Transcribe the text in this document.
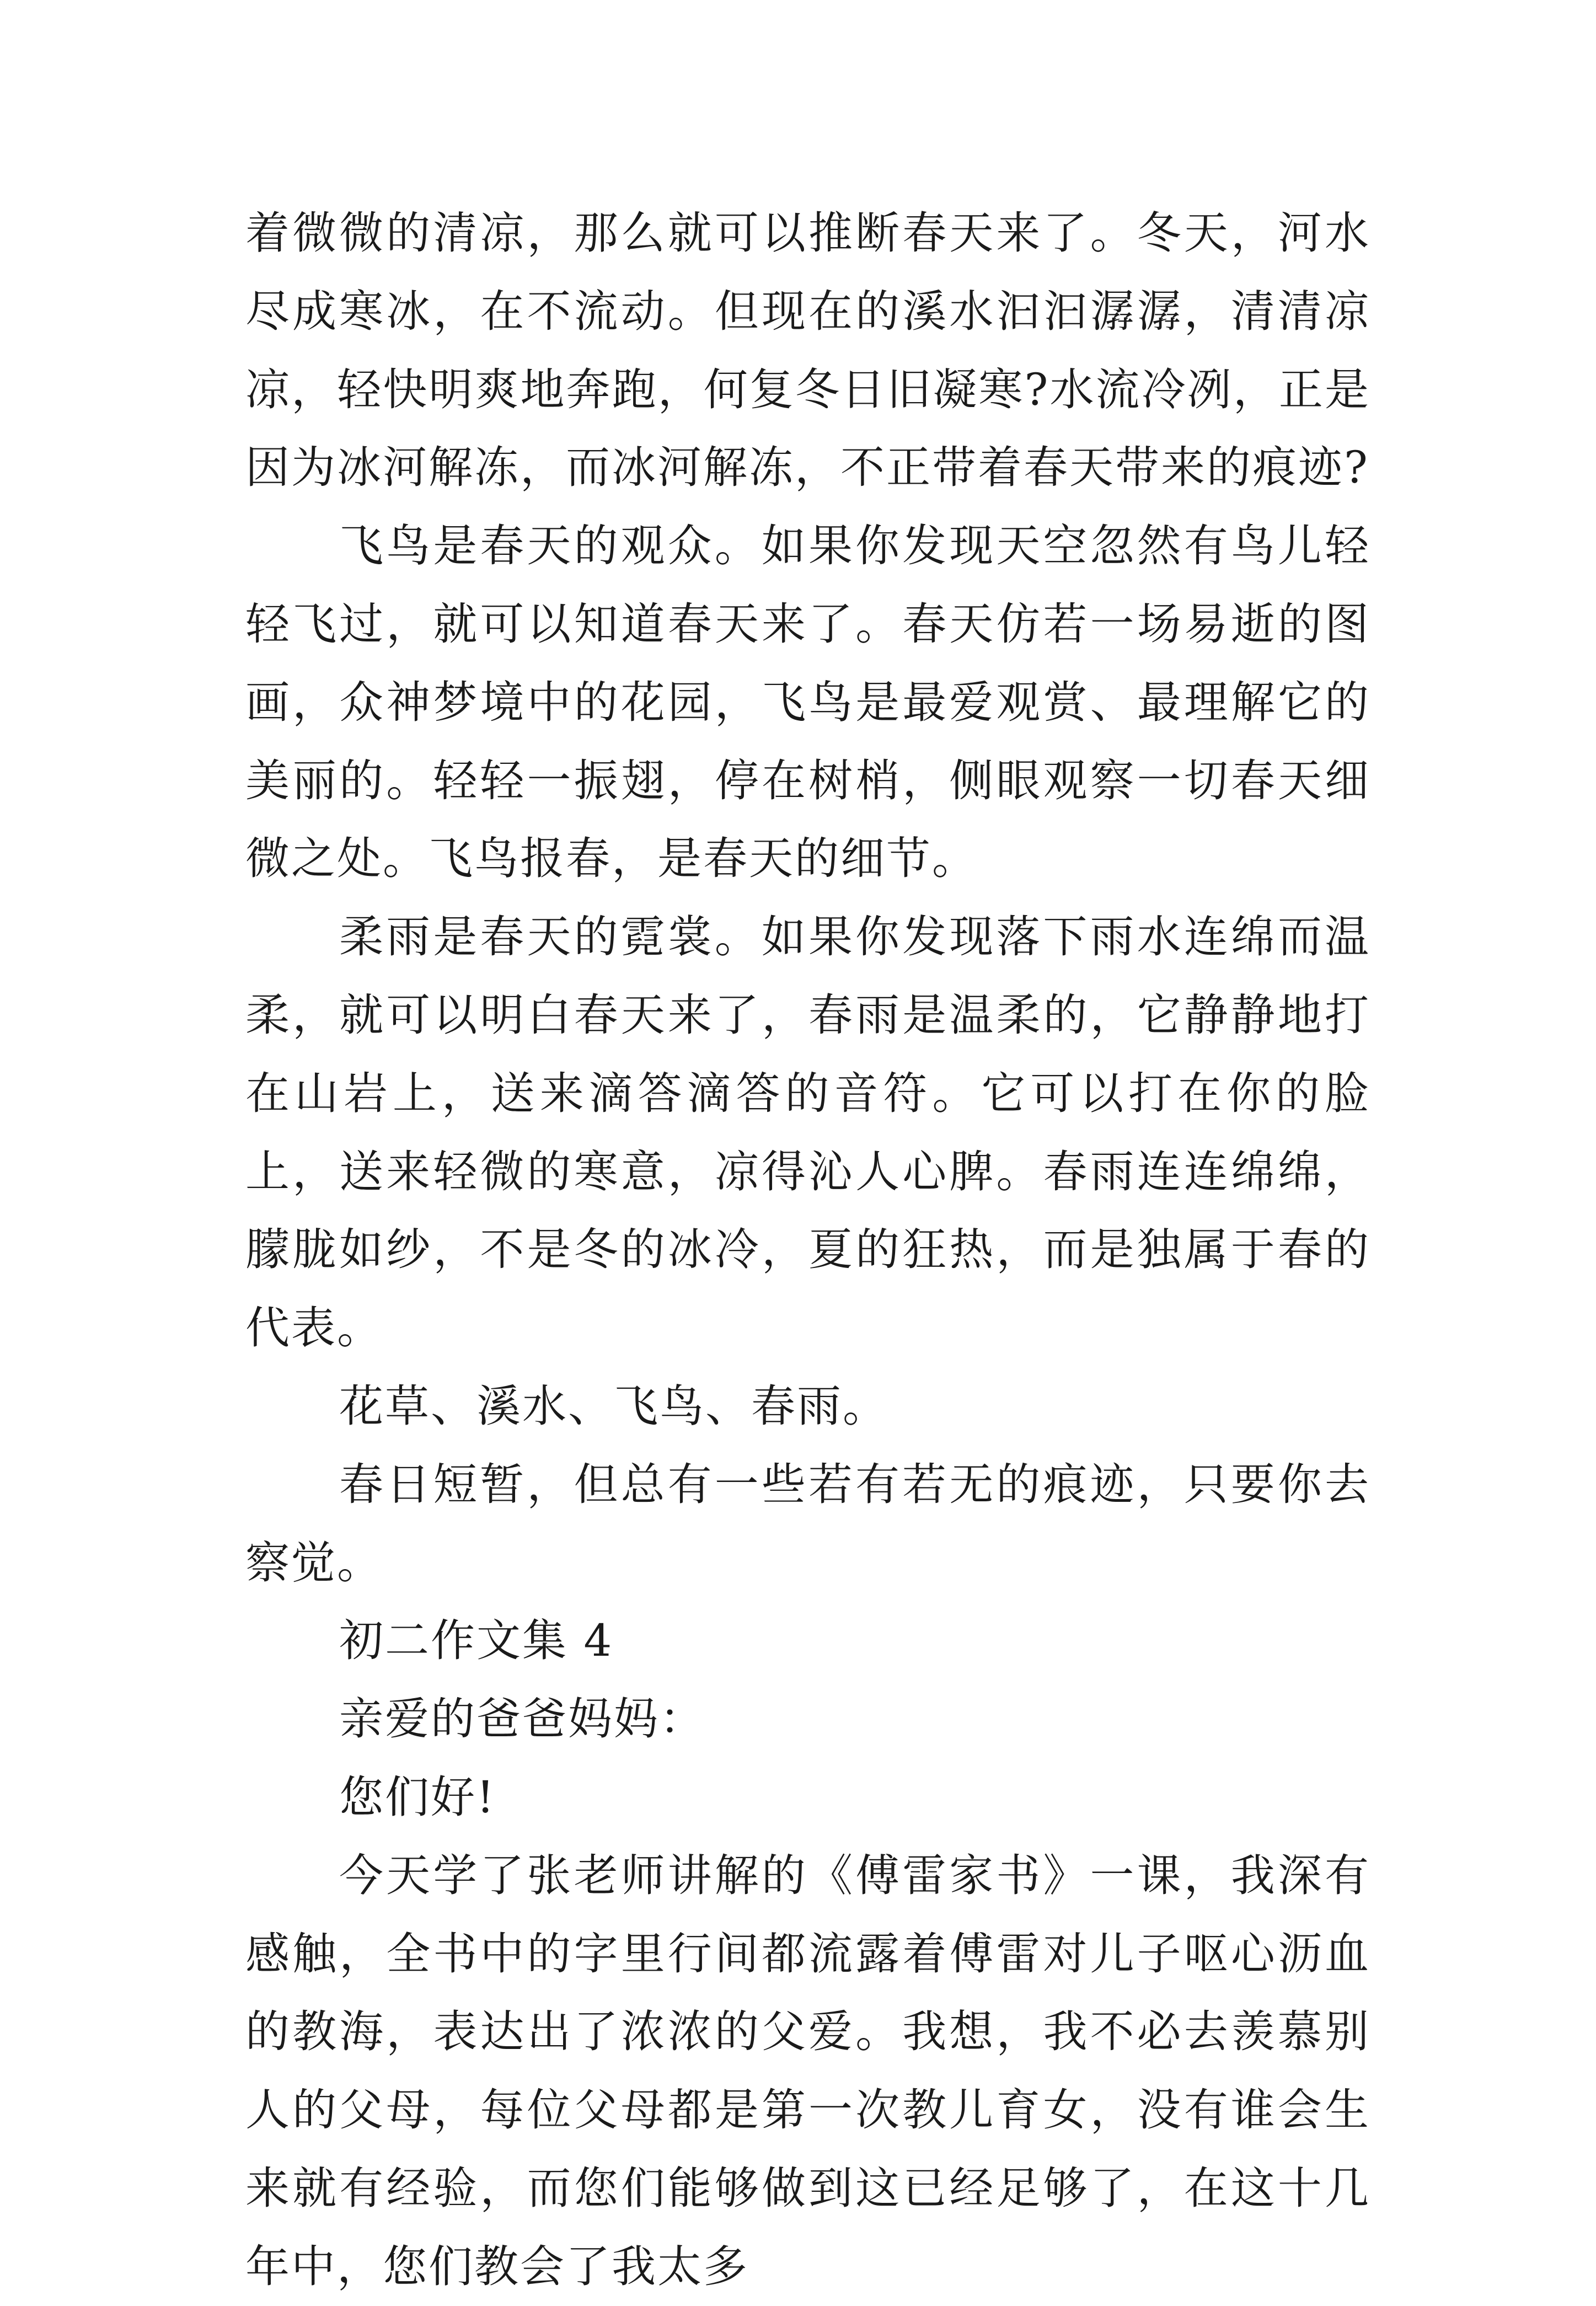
着微微的清凉，那么就可以推断春天来了。冬天，河水尽成寒冰，在不流动。但现在的溪水汩汩潺潺，清清凉凉，轻快明爽地奔跑，何复冬日旧凝寒?水流冷冽，正是因为冰河解冻，而冰河解冻，不正带着春天带来的痕迹?

飞鸟是春天的观众。如果你发现天空忽然有鸟儿轻轻飞过，就可以知道春天来了。春天仿若一场易逝的图画，众神梦境中的花园，飞鸟是最爱观赏、最理解它的美丽的。轻轻一振翅，停在树梢，侧眼观察一切春天细微之处。飞鸟报春，是春天的细节。

柔雨是春天的霓裳。如果你发现落下雨水连绵而温柔，就可以明白春天来了，春雨是温柔的，它静静地打在山岩上，送来滴答滴答的音符。它可以打在你的脸上，送来轻微的寒意，凉得沁人心脾。春雨连连绵绵，朦胧如纱，不是冬的冰冷，夏的狂热，而是独属于春的代表。

花草、溪水、飞鸟、春雨。

春日短暂，但总有一些若有若无的痕迹，只要你去察觉。

初二作文集 4

亲爱的爸爸妈妈：

您们好!

今天学了张老师讲解的《傅雷家书》一课，我深有感触，全书中的字里行间都流露着傅雷对儿子呕心沥血的教海，表达出了浓浓的父爱。我想，我不必去羡慕别人的父母，每位父母都是第一次教儿育女，没有谁会生来就有经验，而您们能够做到这已经足够了，在这十几年中，您们教会了我太多
